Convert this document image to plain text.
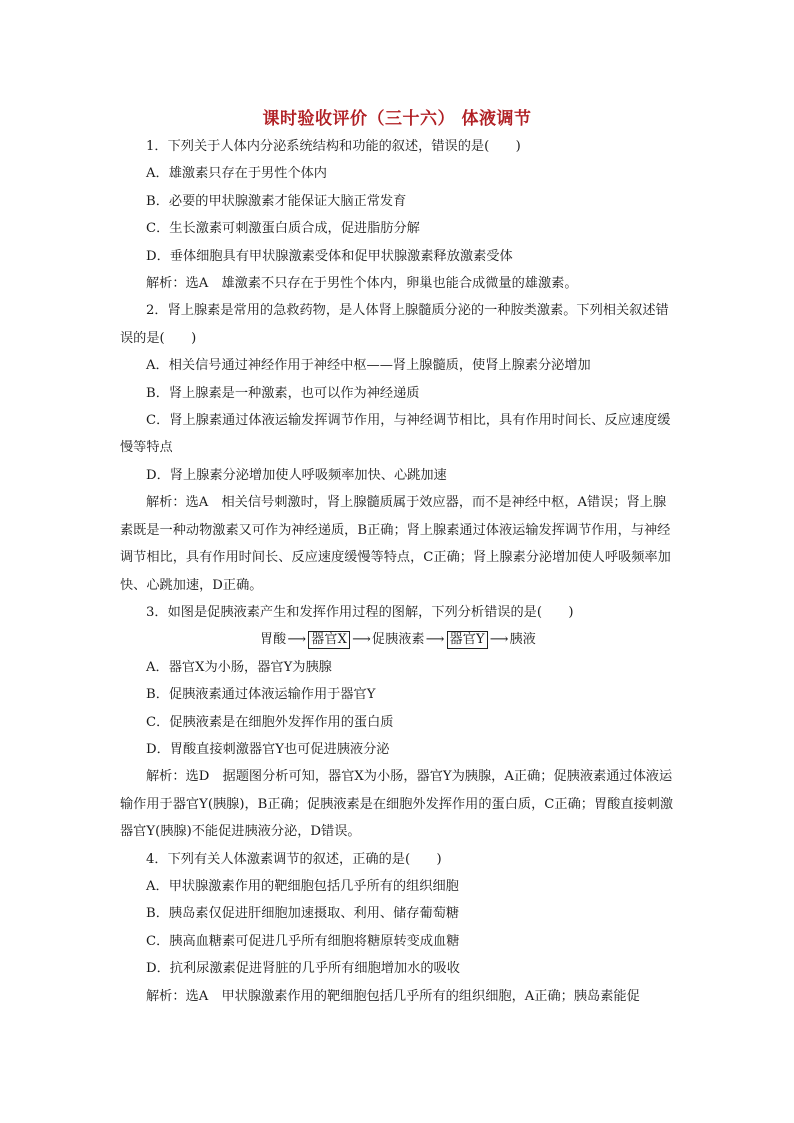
课时验收评价（三十六） 体液调节

1．下列关于人体内分泌系统结构和功能的叙述，错误的是(　　)

A．雄激素只存在于男性个体内

B．必要的甲状腺激素才能保证大脑正常发育

C．生长激素可刺激蛋白质合成，促进脂肪分解

D．垂体细胞具有甲状腺激素受体和促甲状腺激素释放激素受体

解析：选A　雄激素不只存在于男性个体内，卵巢也能合成微量的雄激素。

2．肾上腺素是常用的急救药物，是人体肾上腺髓质分泌的一种胺类激素。下列相关叙述错误的是(　　)

A．相关信号通过神经作用于神经中枢——肾上腺髓质，使肾上腺素分泌增加

B．肾上腺素是一种激素，也可以作为神经递质

C．肾上腺素通过体液运输发挥调节作用，与神经调节相比，具有作用时间长、反应速度缓慢等特点

D．肾上腺素分泌增加使人呼吸频率加快、心跳加速

解析：选A　相关信号刺激时，肾上腺髓质属于效应器，而不是神经中枢，A错误；肾上腺素既是一种动物激素又可作为神经递质，B正确；肾上腺素通过体液运输发挥调节作用，与神经调节相比，具有作用时间长、反应速度缓慢等特点，C正确；肾上腺素分泌增加使人呼吸频率加快、心跳加速，D正确。

3．如图是促胰液素产生和发挥作用过程的图解，下列分析错误的是(　　)

胃酸⟶ 器官X ⟶促胰液素⟶ 器官Y ⟶胰液

A．器官X为小肠，器官Y为胰腺

B．促胰液素通过体液运输作用于器官Y

C．促胰液素是在细胞外发挥作用的蛋白质

D．胃酸直接刺激器官Y也可促进胰液分泌

解析：选D　据题图分析可知，器官X为小肠，器官Y为胰腺，A正确；促胰液素通过体液运输作用于器官Y(胰腺)，B正确；促胰液素是在细胞外发挥作用的蛋白质，C正确；胃酸直接刺激器官Y(胰腺)不能促进胰液分泌，D错误。

4．下列有关人体激素调节的叙述，正确的是(　　)

A．甲状腺激素作用的靶细胞包括几乎所有的组织细胞

B．胰岛素仅促进肝细胞加速摄取、利用、储存葡萄糖

C．胰高血糖素可促进几乎所有细胞将糖原转变成血糖

D．抗利尿激素促进肾脏的几乎所有细胞增加水的吸收

解析：选A　甲状腺激素作用的靶细胞包括几乎所有的组织细胞，A正确；胰岛素能促
